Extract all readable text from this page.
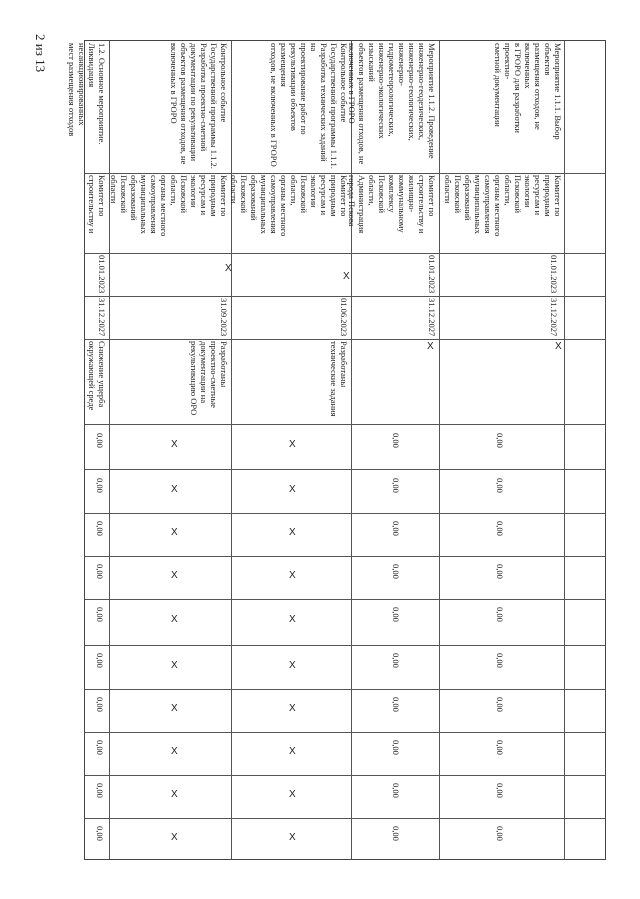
2 из 13	Мероприятие 1.1.1. Выбор объектов
размещения отходов, не включенных
в ГРОРО для разработки проектно-
сметной документации
Комитет по
природным
ресурсам и
экологии
Псковской
области,
органы местного
самоуправления
муниципальных
образований
Псковской
области
01.01.2023
31.12.2027
Х
0,00
0,00
0,00
0,00
0,00
0,00
0,00
0,00
0,00
0,00
Мероприятие 1.1.2. Проведение
инженерно-геодезических,
инженерно-геологических,
инженерно-гидрометеорологических,
инженерно-экологических изысканий
объектов размещения отходов, не
включенных в ГРОРО
Комитет по
строительству и
жилищно-
коммунальному
комплексу
Псковской
области,
Администрация
города Пскова
01.01.2023
31.12.2027
Х
0,00
0,00
0,00
0,00
0,00
0,00
0,00
0,00
0,00
0,00
Контрольное событие
Государственной программы 1.1.1.
Разработка технических заданий на
проектирование работ по
рекультивации объектов размещения
отходов, не включенных в ГРОРО
Комитет по
природным
ресурсам и
экологии
Псковской
области,
органы местного
самоуправления
муниципальных
образований
Псковской
области
Х
01.06.2023
Разработаны
технические задания
Х
Х
Х
Х
Х
Х
Х
Х
Х
Х
Контрольное событие
Государственной программы 1.1.2.
Разработка проектно-сметной
документации по рекультивации
объектов размещения отходов, не
включенных в ГРОРО
Комитет по
природным
ресурсам и
экологии
Псковской
области,
органы местного
самоуправления
муниципальных
образований
Псковской
области
Х
31.09.2023
Разработаны
проектно-сметные
документации на
рекультивацию ОРО
Х
Х
Х
Х
Х
Х
Х
Х
Х
Х
1.2. Основное мероприятие.
Ликвидация несанкционированных
мест размещения отходов
Комитет по
строительству и
01.01.2023
31.12.2027
Снижение ущерба
окружающей среде
0,00
0,00
0,00
0,00
0,00
0,00
0,00
0,00
0,00
0,00
